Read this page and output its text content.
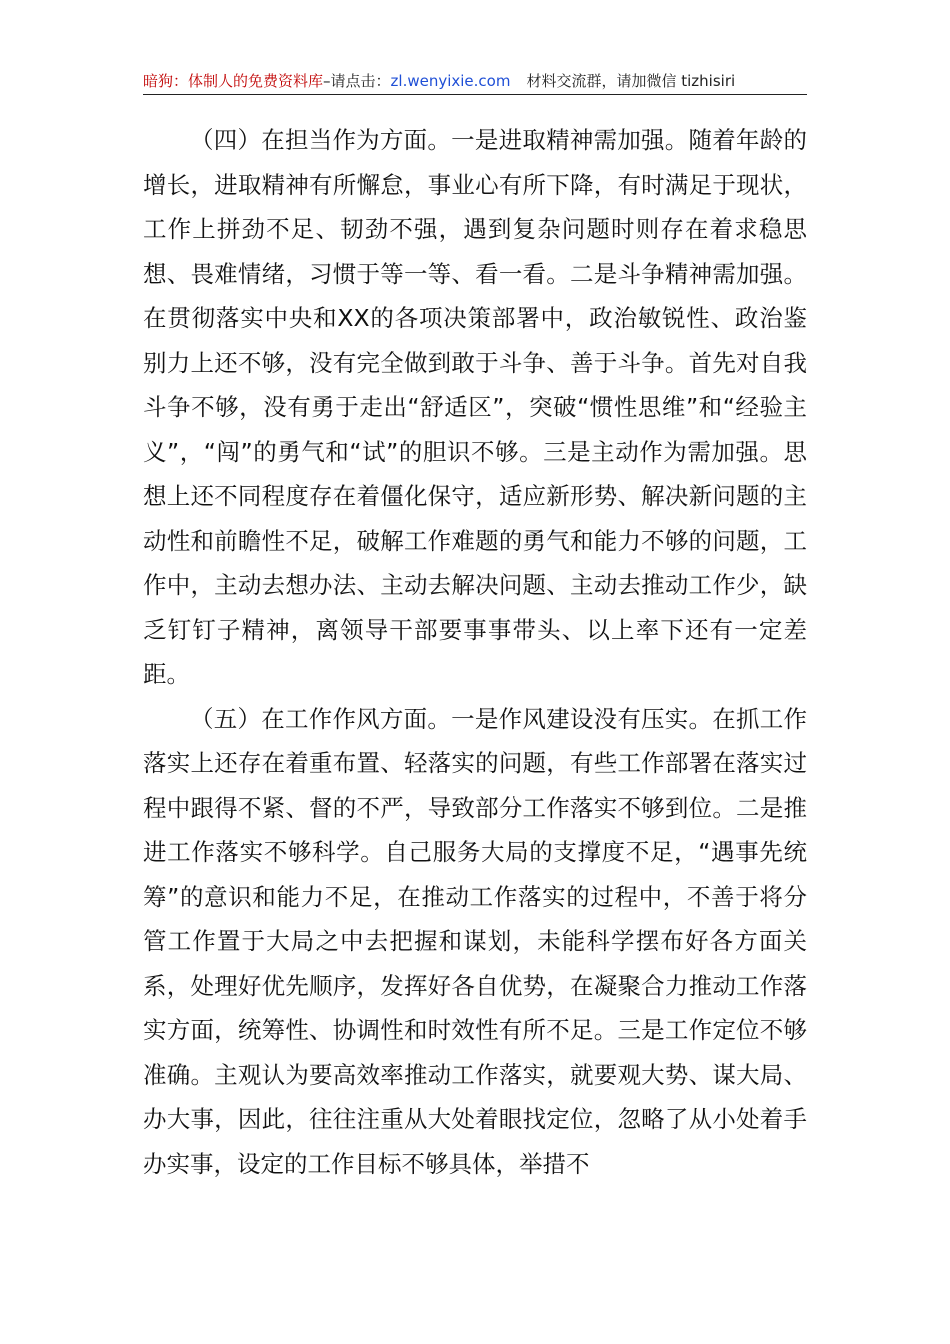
暗狗：体制人的免费资料库–请点击：zl.wenyixie.com 材料交流群，请加微信 tizhisiri

（四）在担当作为方面。一是进取精神需加强。随着年龄的增长，进取精神有所懈怠，事业心有所下降，有时满足于现状，工作上拼劲不足、韧劲不强，遇到复杂问题时则存在着求稳思想、畏难情绪，习惯于等一等、看一看。二是斗争精神需加强。在贯彻落实中央和XX的各项决策部署中，政治敏锐性、政治鉴别力上还不够，没有完全做到敢于斗争、善于斗争。首先对自我斗争不够，没有勇于走出“舒适区”，突破“惯性思维”和“经验主义”，“闯”的勇气和“试”的胆识不够。三是主动作为需加强。思想上还不同程度存在着僵化保守，适应新形势、解决新问题的主动性和前瞻性不足，破解工作难题的勇气和能力不够的问题，工作中，主动去想办法、主动去解决问题、主动去推动工作少，缺乏钉钉子精神，离领导干部要事事带头、以上率下还有一定差距。

（五）在工作作风方面。一是作风建设没有压实。在抓工作落实上还存在着重布置、轻落实的问题，有些工作部署在落实过程中跟得不紧、督的不严，导致部分工作落实不够到位。二是推进工作落实不够科学。自己服务大局的支撑度不足，“遇事先统筹”的意识和能力不足，在推动工作落实的过程中，不善于将分管工作置于大局之中去把握和谋划，未能科学摆布好各方面关系，处理好优先顺序，发挥好各自优势，在凝聚合力推动工作落实方面，统筹性、协调性和时效性有所不足。三是工作定位不够准确。主观认为要高效率推动工作落实，就要观大势、谋大局、办大事，因此，往往注重从大处着眼找定位，忽略了从小处着手办实事，设定的工作目标不够具体，举措不
